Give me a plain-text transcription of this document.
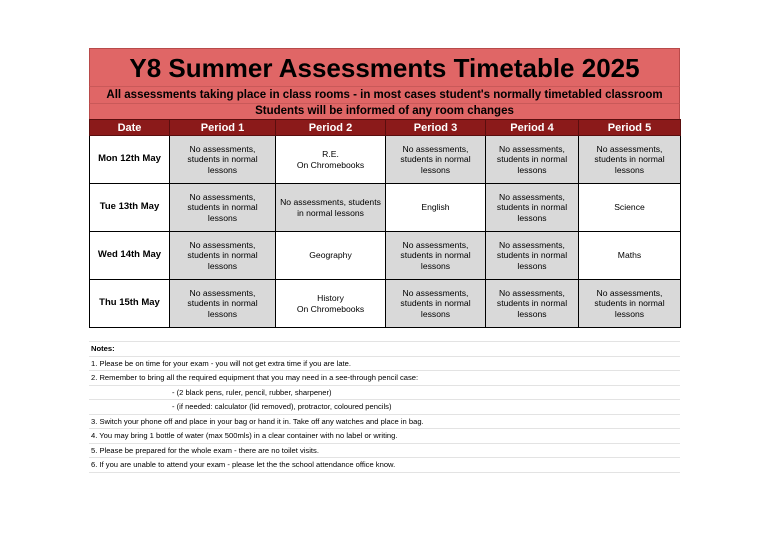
Y8 Summer Assessments Timetable 2025
All assessments taking place in class rooms - in most cases student's normally timetabled classroom
Students will be informed of any room changes
Date	Period 1	Period 2	Period 3	Period 4	Period 5
Mon 12th May	No assessments,
students in normal
lessons	R.E.
On Chromebooks	No assessments,
students in normal
lessons	No assessments,
students in normal
lessons	No assessments,
students in normal
lessons
Tue 13th May	No assessments,
students in normal
lessons	No assessments, students
in normal lessons	English	No assessments,
students in normal
lessons	Science
Wed 14th May	No assessments,
students in normal
lessons	Geography	No assessments,
students in normal
lessons	No assessments,
students in normal
lessons	Maths
Thu 15th May	No assessments,
students in normal
lessons	History
On Chromebooks	No assessments,
students in normal
lessons	No assessments,
students in normal
lessons	No assessments,
students in normal
lessons
Notes:
1. Please be on time for your exam - you will not get extra time if you are late.
2. Remember to bring all the required equipment that you may need in a see-through pencil case:
- (2 black pens, ruler, pencil, rubber, sharpener)
- (if needed: calculator (lid removed), protractor, coloured pencils)
3. Switch your phone off and place in your bag or hand it in. Take off any watches and place in bag.
4. You may bring 1 bottle of water (max 500mls) in a clear container with no label or writing.
5. Please be prepared for the whole exam - there are no toilet visits.
6. If you are unable to attend your exam - please let the the school attendance office know.
